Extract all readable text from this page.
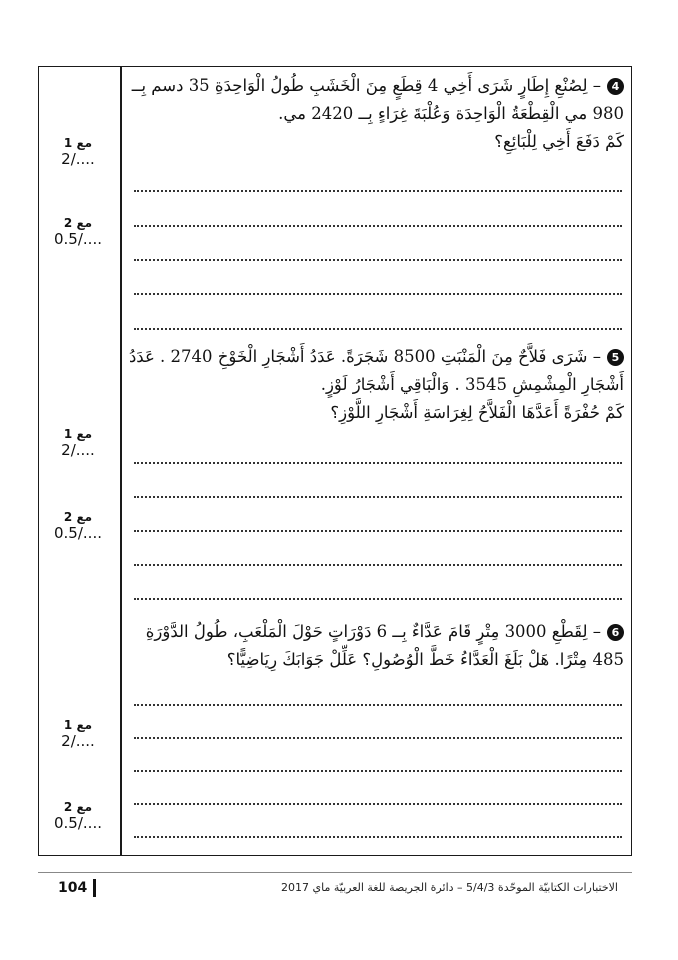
مع 1
2/....
مع 2
0.5/....
مع 1
2/....
مع 2
0.5/....
مع 1
2/....
مع 2
0.5/....

4– لِصُنْعِ إِطَارٍ شَرَى أَخِي 4 قِطَعٍ مِنَ الْخَشَبِ طُولُ الْوَاحِدَةِ 35 دسم بِــ

980 مي الْقِطْعَةُ الْوَاحِدَة وَعُلْبَةَ غِرَاءٍ بِــ 2420 مي.

كَمْ دَفَعَ أَخِي لِلْبَائِعِ؟

5– شَرَى فَلاَّحٌ مِنَ الْمَنْبَتِ 8500 شَجَرَةً. عَدَدُ أَشْجَارِ الْخَوْخِ 2740 . عَدَدُ

أَشْجَارِ الْمِشْمِشِ 3545 . وَالْبَاقِي أَشْجَارُ لَوْزٍ.

كَمْ حُفْرَةً أَعَدَّهَا الْفَلاَّحُ لِغِرَاسَةِ أَشْجَارِ اللَّوْزِ؟

6– لِقَطْعِ 3000 مِتْرٍ قَامَ عَدَّاءٌ بِــ 6 دَوْرَاتٍ حَوْلَ الْمَلْعَبِ، طُولُ الدَّوْرَةِ

485 مِتْرًا. هَلْ بَلَغَ الْعَدَّاءُ خَطَّ الْوُصُولِ؟ عَلِّلْ جَوَابَكَ رِيَاضِيًّا؟

104	الاختبارات الكتابيّة الموحّدة 5/4/3 – دائرة الجريصة للغة العربيّة ماي 2017
